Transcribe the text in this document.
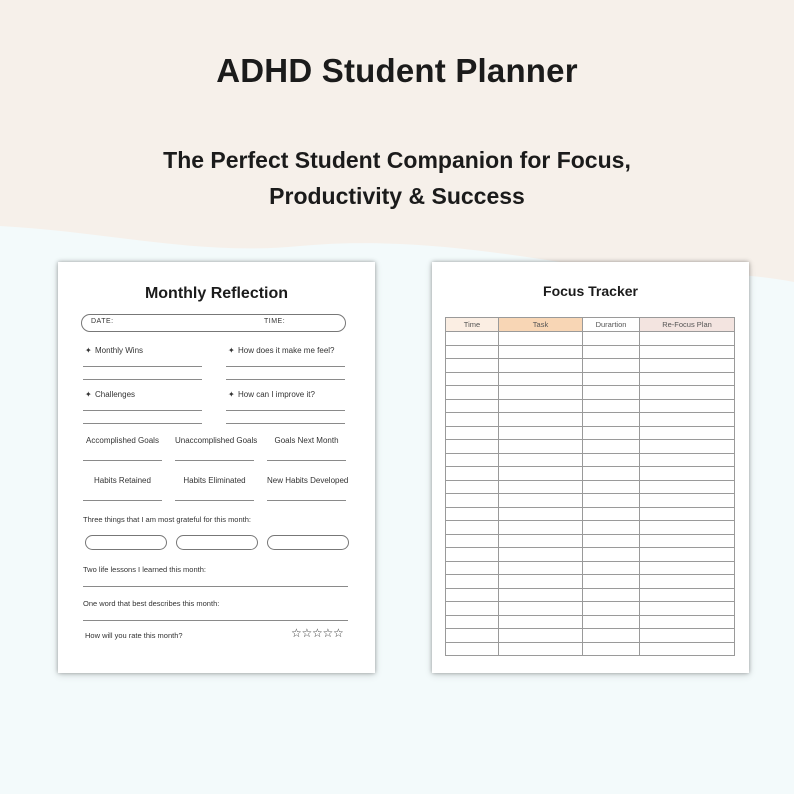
ADHD Student Planner
The Perfect Student Companion for Focus,
Productivity & Success
Monthly Reflection
DATE:	TIME:
✦ Monthly Wins	✦ How does it make me feel?
✦ Challenges	✦ How can I improve it?
Accomplished Goals	Unaccomplished Goals	Goals Next Month
Habits Retained	Habits Eliminated	New Habits Developed
Three things that I am most grateful for this month:
Two life lessons I learned this month:
One word that best describes this month:
How will you rate this month?	☆ ☆ ☆ ☆ ☆
Focus Tracker
Time	Task	Durartion	Re-Focus Plan
